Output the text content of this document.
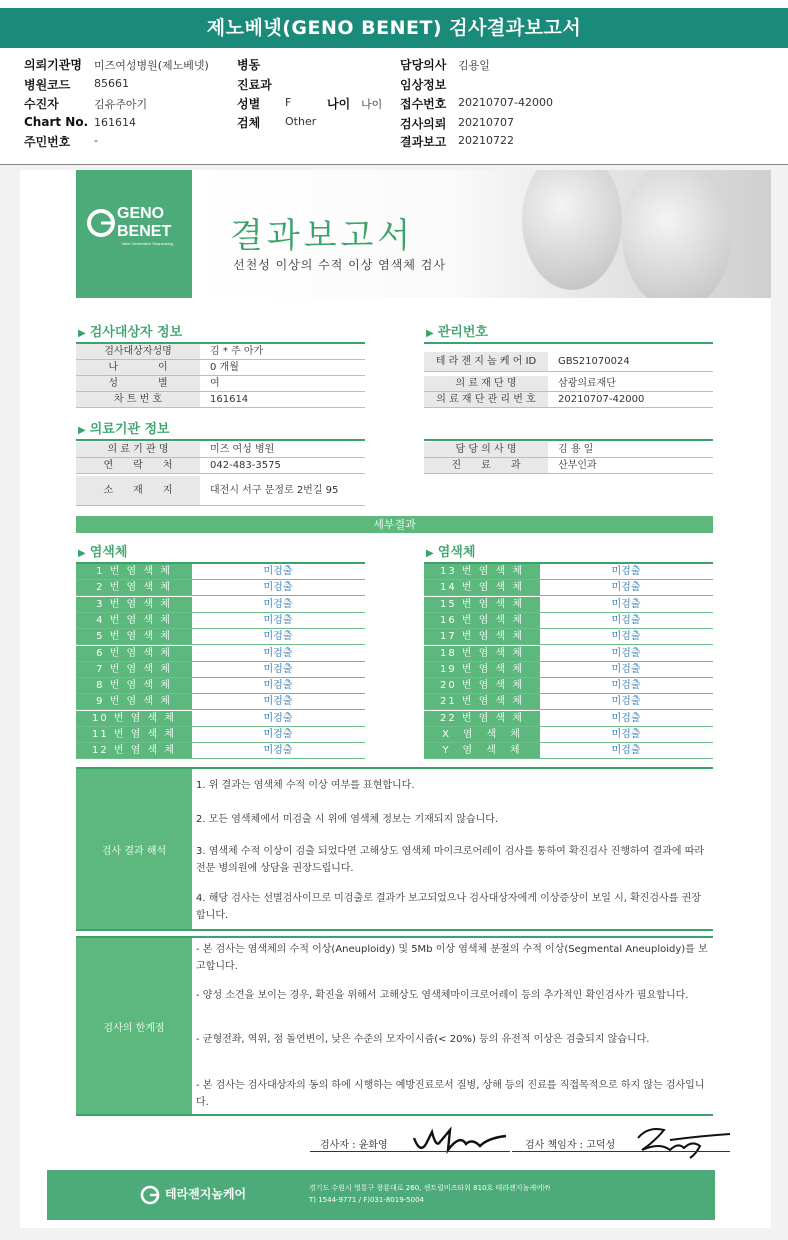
제노베넷(GENO BENET) 검사결과보고서
의뢰기관명 미즈여성병원(제노베넷)
병원코드 85661
수진자	김유주아기
Chart No. 161614
주민번호 -
병동
진료과
성별 F
검체 Other
나이 나이
담당의사 김용일
임상정보
접수번호 20210707-42000
검사의뢰 20210707
결과보고 20210722
GENO
BENET
Next Generation Sequencing 결과보고서
선천성 이상의 수적 이상 염색체 검사
▶ 검사대상자 정보
검사대상자성명	김 * 주 아가
나　　　　이	0 개월
성　　　　별	여
차 트 번 호	161614
▶ 관리번호
테 라 젠 지 놈 케 어 ID	GBS21070024
의 료 재 단 명	삼광의료재단
의 료 재 단 관 리 번 호	20210707-42000
▶ 의료기관 정보
의 료 기 관 명	미즈 여성 병원
연　　락　　처	042-483-3575
소　　재　　지	대전시 서구 문정로 2번길 95
담 당 의 사 명	김 용 일
진　　료　　과	산부인과
세부결과
▶ 염색체	▶ 염색체
1 번 염 색 체	미검출
2 번 염 색 체	미검출
3 번 염 색 체	미검출
4 번 염 색 체	미검출
5 번 염 색 체	미검출
6 번 염 색 체	미검출
7 번 염 색 체	미검출
8 번 염 색 체	미검출
9 번 염 색 체	미검출
10 번 염 색 체	미검출
11 번 염 색 체	미검출
12 번 염 색 체	미검출
13 번 염 색 체	미검출
14 번 염 색 체	미검출
15 번 염 색 체	미검출
16 번 염 색 체	미검출
17 번 염 색 체	미검출
18 번 염 색 체	미검출
19 번 염 색 체	미검출
20 번 염 색 체	미검출
21 번 염 색 체	미검출
22 번 염 색 체	미검출
X　염　색　체	미검출
Y　염　색　체	미검출
검사 결과 해석
1. 위 결과는 염색체 수적 이상 여부를 표현합니다.
2. 모든 염색체에서 미검출 시 위에 염색체 정보는 기재되지 않습니다.
3. 염색체 수적 이상이 검출 되었다면 고해상도 염색체 마이크로어레이 검사를 통하여 확진검사 진행하여 결과에 따라 전문 병의원에 상담을 권장드립니다.
4. 해당 검사는 선별검사이므로 미검출로 결과가 보고되었으나 검사대상자에게 이상증상이 보일 시, 확진검사를 권장합니다.
검사의 한계점
- 본 검사는 염색체의 수적 이상(Aneuploidy) 및 5Mb 이상 염색체 분절의 수적 이상(Segmental Aneuploidy)를 보고합니다.
- 양성 소견을 보이는 경우, 확진을 위해서 고해상도 염색체마이크로어레이 등의 추가적인 확인검사가 필요합니다.
- 균형전좌, 역위, 점 돌연변이, 낮은 수준의 모자이시즘(< 20%) 등의 유전적 이상은 검출되지 않습니다.
- 본 검사는 검사대상자의 동의 하에 시행하는 예방진료로서 질병, 상해 등의 진료를 직접목적으로 하지 않는 검사입니다.
검사자 : 윤화영	검사 책임자 : 고덕성
테라젠지놈케어	경기도 수원시 영통구 창룡대로 260, 센트럴비즈타워 810호 테라젠지놈케어㈜
T) 1544-9771 / F)031-8019-5004
